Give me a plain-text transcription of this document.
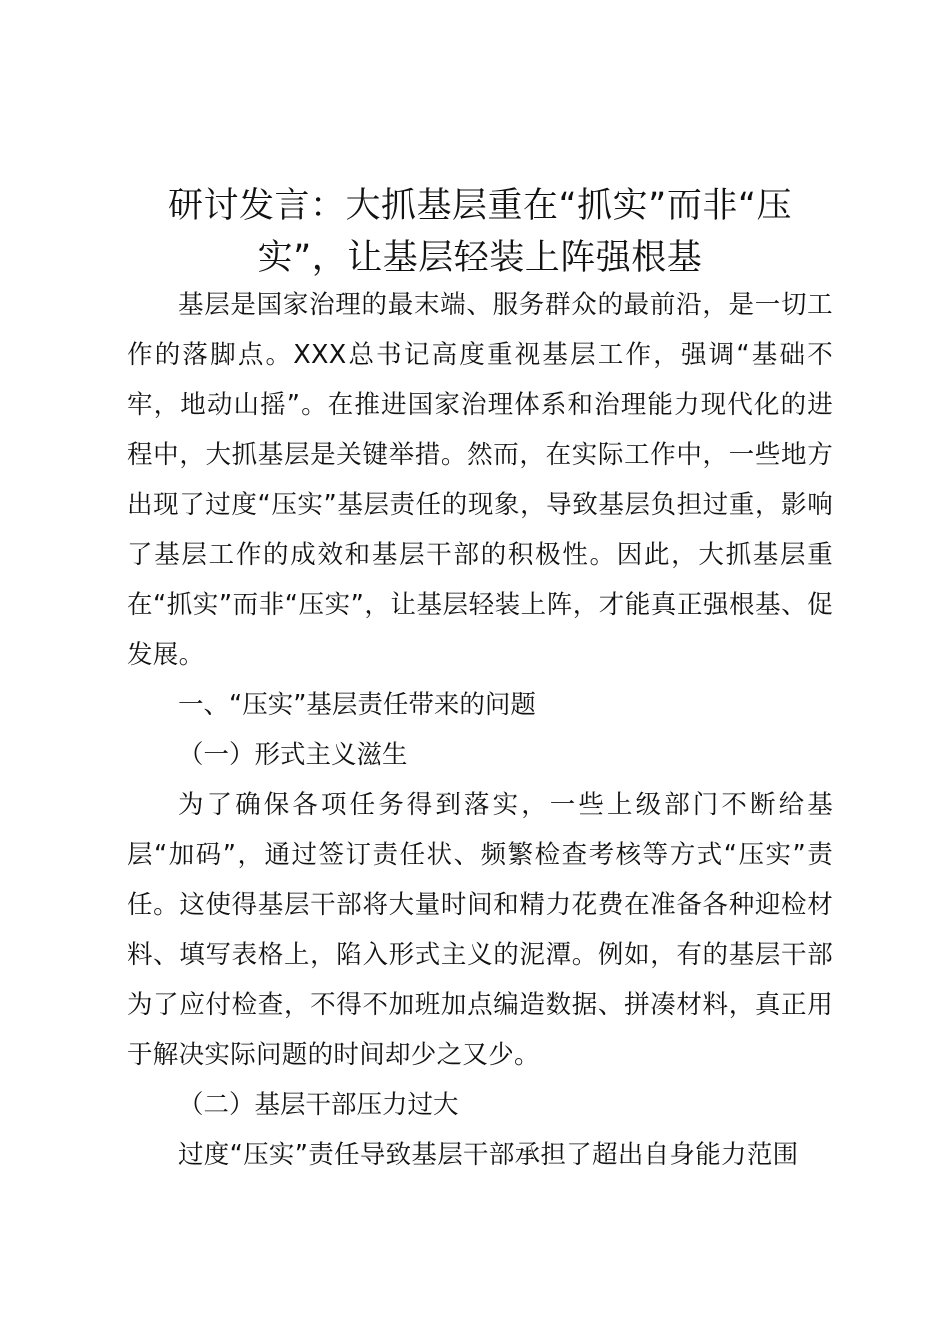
研讨发言：大抓基层重在“抓实”而非“压
实”，让基层轻装上阵强根基

基层是国家治理的最末端、服务群众的最前沿，是一切工作的落脚点。XXX总书记高度重视基层工作，强调“基础不牢，地动山摇”。在推进国家治理体系和治理能力现代化的进程中，大抓基层是关键举措。然而，在实际工作中，一些地方出现了过度“压实”基层责任的现象，导致基层负担过重，影响了基层工作的成效和基层干部的积极性。因此，大抓基层重在“抓实”而非“压实”，让基层轻装上阵，才能真正强根基、促发展。

一、“压实”基层责任带来的问题

（一）形式主义滋生

为了确保各项任务得到落实，一些上级部门不断给基层“加码”，通过签订责任状、频繁检查考核等方式“压实”责任。这使得基层干部将大量时间和精力花费在准备各种迎检材料、填写表格上，陷入形式主义的泥潭。例如，有的基层干部为了应付检查，不得不加班加点编造数据、拼凑材料，真正用于解决实际问题的时间却少之又少。

（二）基层干部压力过大

过度“压实”责任导致基层干部承担了超出自身能力范围
